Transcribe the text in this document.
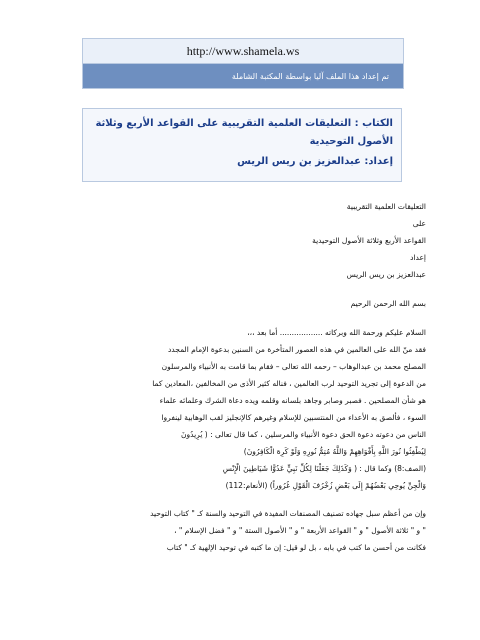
http://www.shamela.ws
تم إعداد هذا الملف آليا بواسطة المكتبة الشاملة
الكتاب : التعليقات العلمية التقريبية على القواعد الأربع وثلاثة الأصول التوحيدية
إعداد: عبدالعزيز بن ريس الريس

التعليقات العلمية التقريبية

على

القواعد الأربع وثلاثة الأصول التوحيدية

إعداد

عبدالعزيز بن ريس الريس

بسم الله الرحمن الرحيم

السلام عليكم ورحمة الله وبركاته .................. أما بعد ،،،

فقد منّ الله على العالمين في هذه العصور المتأخرة من السنين بدعوة الإمام المجدد

المصلح محمد بن عبدالوهاب – رحمه الله تعالى – فقام بما قامت به الأنبياء والمرسلون

من الدعوة إلى تجريد التوحيد لرب العالمين ، فناله كثير الأذى من المخالفين ،المعادين كما

هو شأن المصلحين . فصبر وصابر وجاهد بلسانه وقلمه ويده دعاة الشرك وعلمائه علماء

السوء ، فألصق به الأعداء من المنتسبين للإسلام وغيرهم كالإنجليز لقب الوهابية لينفروا

الناس من دعوته دعوة الحق دعوة الأنبياء والمرسلين ، كما قال تعالى : ( يُرِيدُونَ

لِيُطْفِئُوا نُورَ اللَّهِ بِأَفْوَاهِهِمْ وَاللَّهُ مُتِمُّ نُورِهِ وَلَوْ كَرِهَ الْكَافِرُونَ)

(الصف:8) وكما قال : ( وَكَذَلِكَ جَعَلْنَا لِكُلِّ نَبِيٍّ عَدُوًّا شَيَاطِينَ الْإِنْسِ

وَالْجِنِّ يُوحِي بَعْضُهُمْ إِلَى بَعْضٍ زُخْرُفَ الْقَوْلِ غُرُوراً) (الأنعام:112)

وإن من أعظم سبل جهاده تصنيف المصنفات المفيدة في التوحيد والسنة كـ " كتاب التوحيد

" و " ثلاثة الأصول " و " القواعد الأربعة " و " الأصول الستة " و " فضل الإسلام " ،

فكانت من أحسن ما كتب في بابه ، بل لو قيل: إن ما كتبه في توحيد الإلهية كـ " كتاب
